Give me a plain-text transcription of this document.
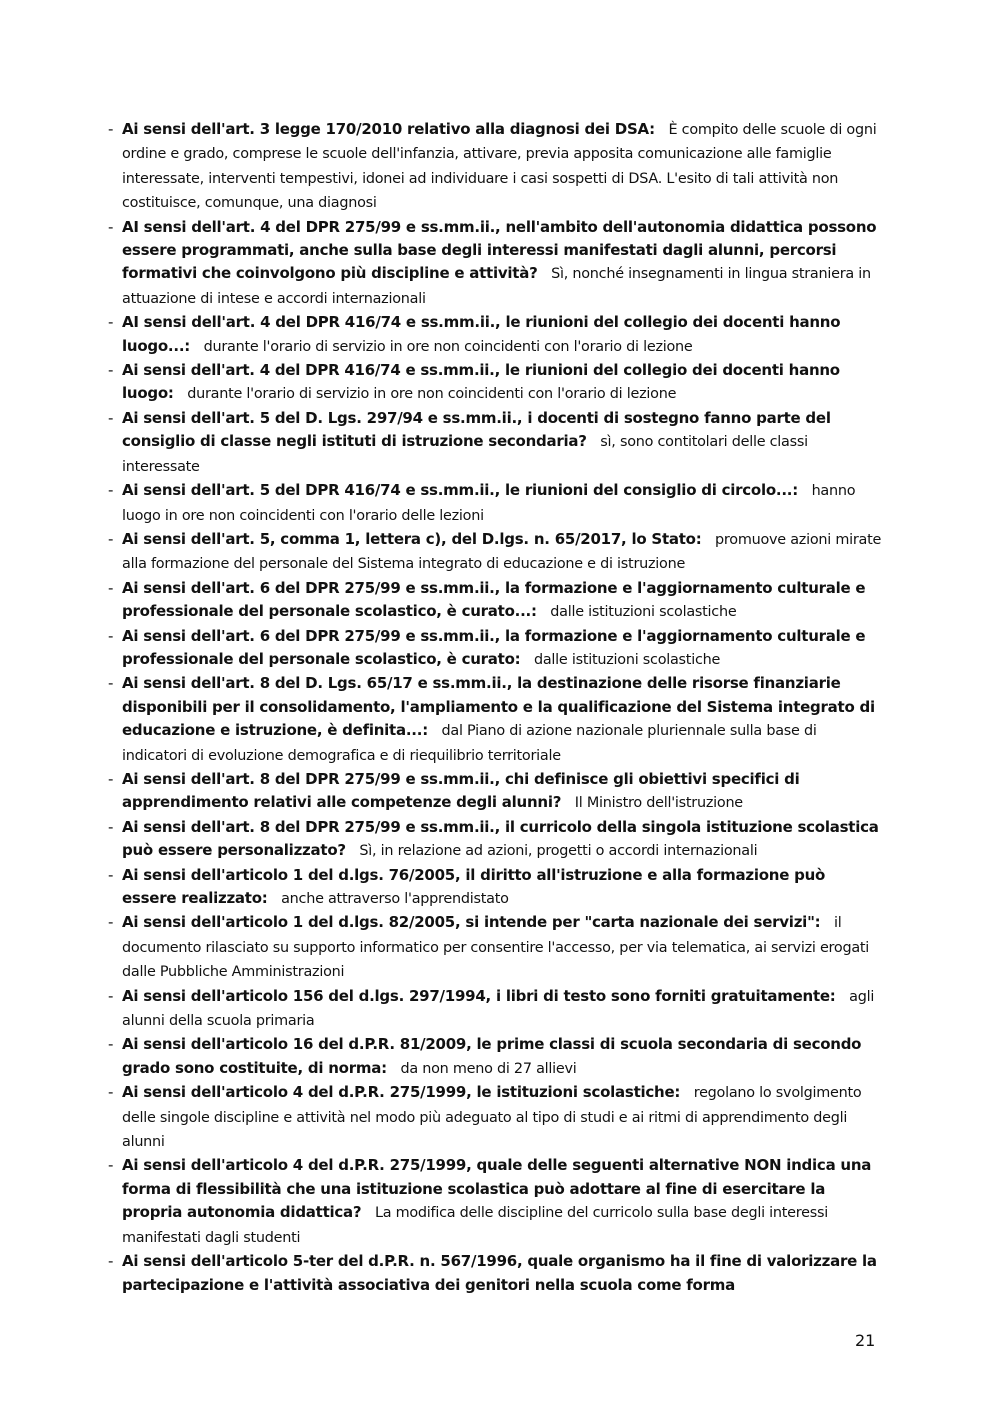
- Ai sensi dell'art. 3 legge 170/2010 relativo alla diagnosi dei DSA: È compito delle scuole di ogni ordine e grado, comprese le scuole dell'infanzia, attivare, previa apposita comunicazione alle famiglie interessate, interventi tempestivi, idonei ad individuare i casi sospetti di DSA. L'esito di tali attività non costituisce, comunque, una diagnosi
- AI sensi dell'art. 4 del DPR 275/99 e ss.mm.ii., nell'ambito dell'autonomia didattica possono essere programmati, anche sulla base degli interessi manifestati dagli alunni, percorsi formativi che coinvolgono più discipline e attività? Sì, nonché insegnamenti in lingua straniera in attuazione di intese e accordi internazionali
- AI sensi dell'art. 4 del DPR 416/74 e ss.mm.ii., le riunioni del collegio dei docenti hanno luogo...: durante l'orario di servizio in ore non coincidenti con l'orario di lezione
- Ai sensi dell'art. 4 del DPR 416/74 e ss.mm.ii., le riunioni del collegio dei docenti hanno luogo: durante l'orario di servizio in ore non coincidenti con l'orario di lezione
- Ai sensi dell'art. 5 del D. Lgs. 297/94 e ss.mm.ii., i docenti di sostegno fanno parte del consiglio di classe negli istituti di istruzione secondaria? sì, sono contitolari delle classi interessate
- Ai sensi dell'art. 5 del DPR 416/74 e ss.mm.ii., le riunioni del consiglio di circolo...: hanno luogo in ore non coincidenti con l'orario delle lezioni
- Ai sensi dell'art. 5, comma 1, lettera c), del D.lgs. n. 65/2017, lo Stato: promuove azioni mirate alla formazione del personale del Sistema integrato di educazione e di istruzione
- Ai sensi dell'art. 6 del DPR 275/99 e ss.mm.ii., la formazione e l'aggiornamento culturale e professionale del personale scolastico, è curato...: dalle istituzioni scolastiche
- Ai sensi dell'art. 6 del DPR 275/99 e ss.mm.ii., la formazione e l'aggiornamento culturale e professionale del personale scolastico, è curato: dalle istituzioni scolastiche
- Ai sensi dell'art. 8 del D. Lgs. 65/17 e ss.mm.ii., la destinazione delle risorse finanziarie disponibili per il consolidamento, l'ampliamento e la qualificazione del Sistema integrato di educazione e istruzione, è definita...: dal Piano di azione nazionale pluriennale sulla base di indicatori di evoluzione demografica e di riequilibrio territoriale
- Ai sensi dell'art. 8 del DPR 275/99 e ss.mm.ii., chi definisce gli obiettivi specifici di apprendimento relativi alle competenze degli alunni? Il Ministro dell'istruzione
- Ai sensi dell'art. 8 del DPR 275/99 e ss.mm.ii., il curricolo della singola istituzione scolastica può essere personalizzato? Sì, in relazione ad azioni, progetti o accordi internazionali
- Ai sensi dell'articolo 1 del d.lgs. 76/2005, il diritto all'istruzione e alla formazione può essere realizzato: anche attraverso l'apprendistato
- Ai sensi dell'articolo 1 del d.lgs. 82/2005, si intende per "carta nazionale dei servizi": il documento rilasciato su supporto informatico per consentire l'accesso, per via telematica, ai servizi erogati dalle Pubbliche Amministrazioni
- Ai sensi dell'articolo 156 del d.lgs. 297/1994, i libri di testo sono forniti gratuitamente: agli alunni della scuola primaria
- Ai sensi dell'articolo 16 del d.P.R. 81/2009, le prime classi di scuola secondaria di secondo grado sono costituite, di norma: da non meno di 27 allievi
- Ai sensi dell'articolo 4 del d.P.R. 275/1999, le istituzioni scolastiche: regolano lo svolgimento delle singole discipline e attività nel modo più adeguato al tipo di studi e ai ritmi di apprendimento degli alunni
- Ai sensi dell'articolo 4 del d.P.R. 275/1999, quale delle seguenti alternative NON indica una forma di flessibilità che una istituzione scolastica può adottare al fine di esercitare la propria autonomia didattica? La modifica delle discipline del curricolo sulla base degli interessi manifestati dagli studenti
- Ai sensi dell'articolo 5-ter del d.P.R. n. 567/1996, quale organismo ha il fine di valorizzare la partecipazione e l'attività associativa dei genitori nella scuola come forma
21
